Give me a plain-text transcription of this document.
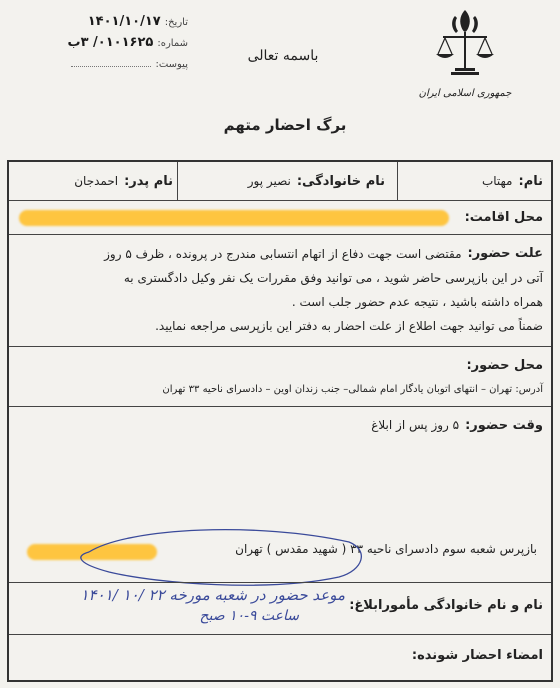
تاریخ:
۱۴۰۱/۱۰/۱۷
شماره:
۰۱۰۱۶۲۵/ ۳ب
پیوست:
جمهوری اسلامی ایران
باسمه تعالی
برگ احضار متهم
نام:
مهتاب
نام خانوادگی:
نصیر پور
نام پدر:
احمدجان
محل اقامت:
علت حضور:
مقتضی است جهت دفاع از اتهام انتسابی مندرج در پرونده ، ظرف ۵ روز
آتی در این بازپرسی حاضر شوید ، می توانید وفق مقررات یک نفر وکیل دادگستری به
همراه داشته باشید ، نتیجه عدم حضور جلب است .
ضمناً می توانید جهت اطلاع از علت احضار به دفتر این بازپرسی مراجعه نمایید.
محل حضور:
آدرس: تهران – انتهای اتوبان یادگار امام شمالی– جنب زندان اوین – دادسرای ناحیه ۳۳ تهران
وقت حضور:
۵ روز پس از ابلاغ
بازپرس شعبه سوم دادسرای ناحیه ۳۳ ( شهید مقدس ) تهران
نام و نام خانوادگی مأمورابلاغ:
موعد حضور در شعبه مورخه ۲۲ /۱۰ /۱۴۰۱
ساعت ۹-۱۰ صبح
امضاء احضار شونده:
